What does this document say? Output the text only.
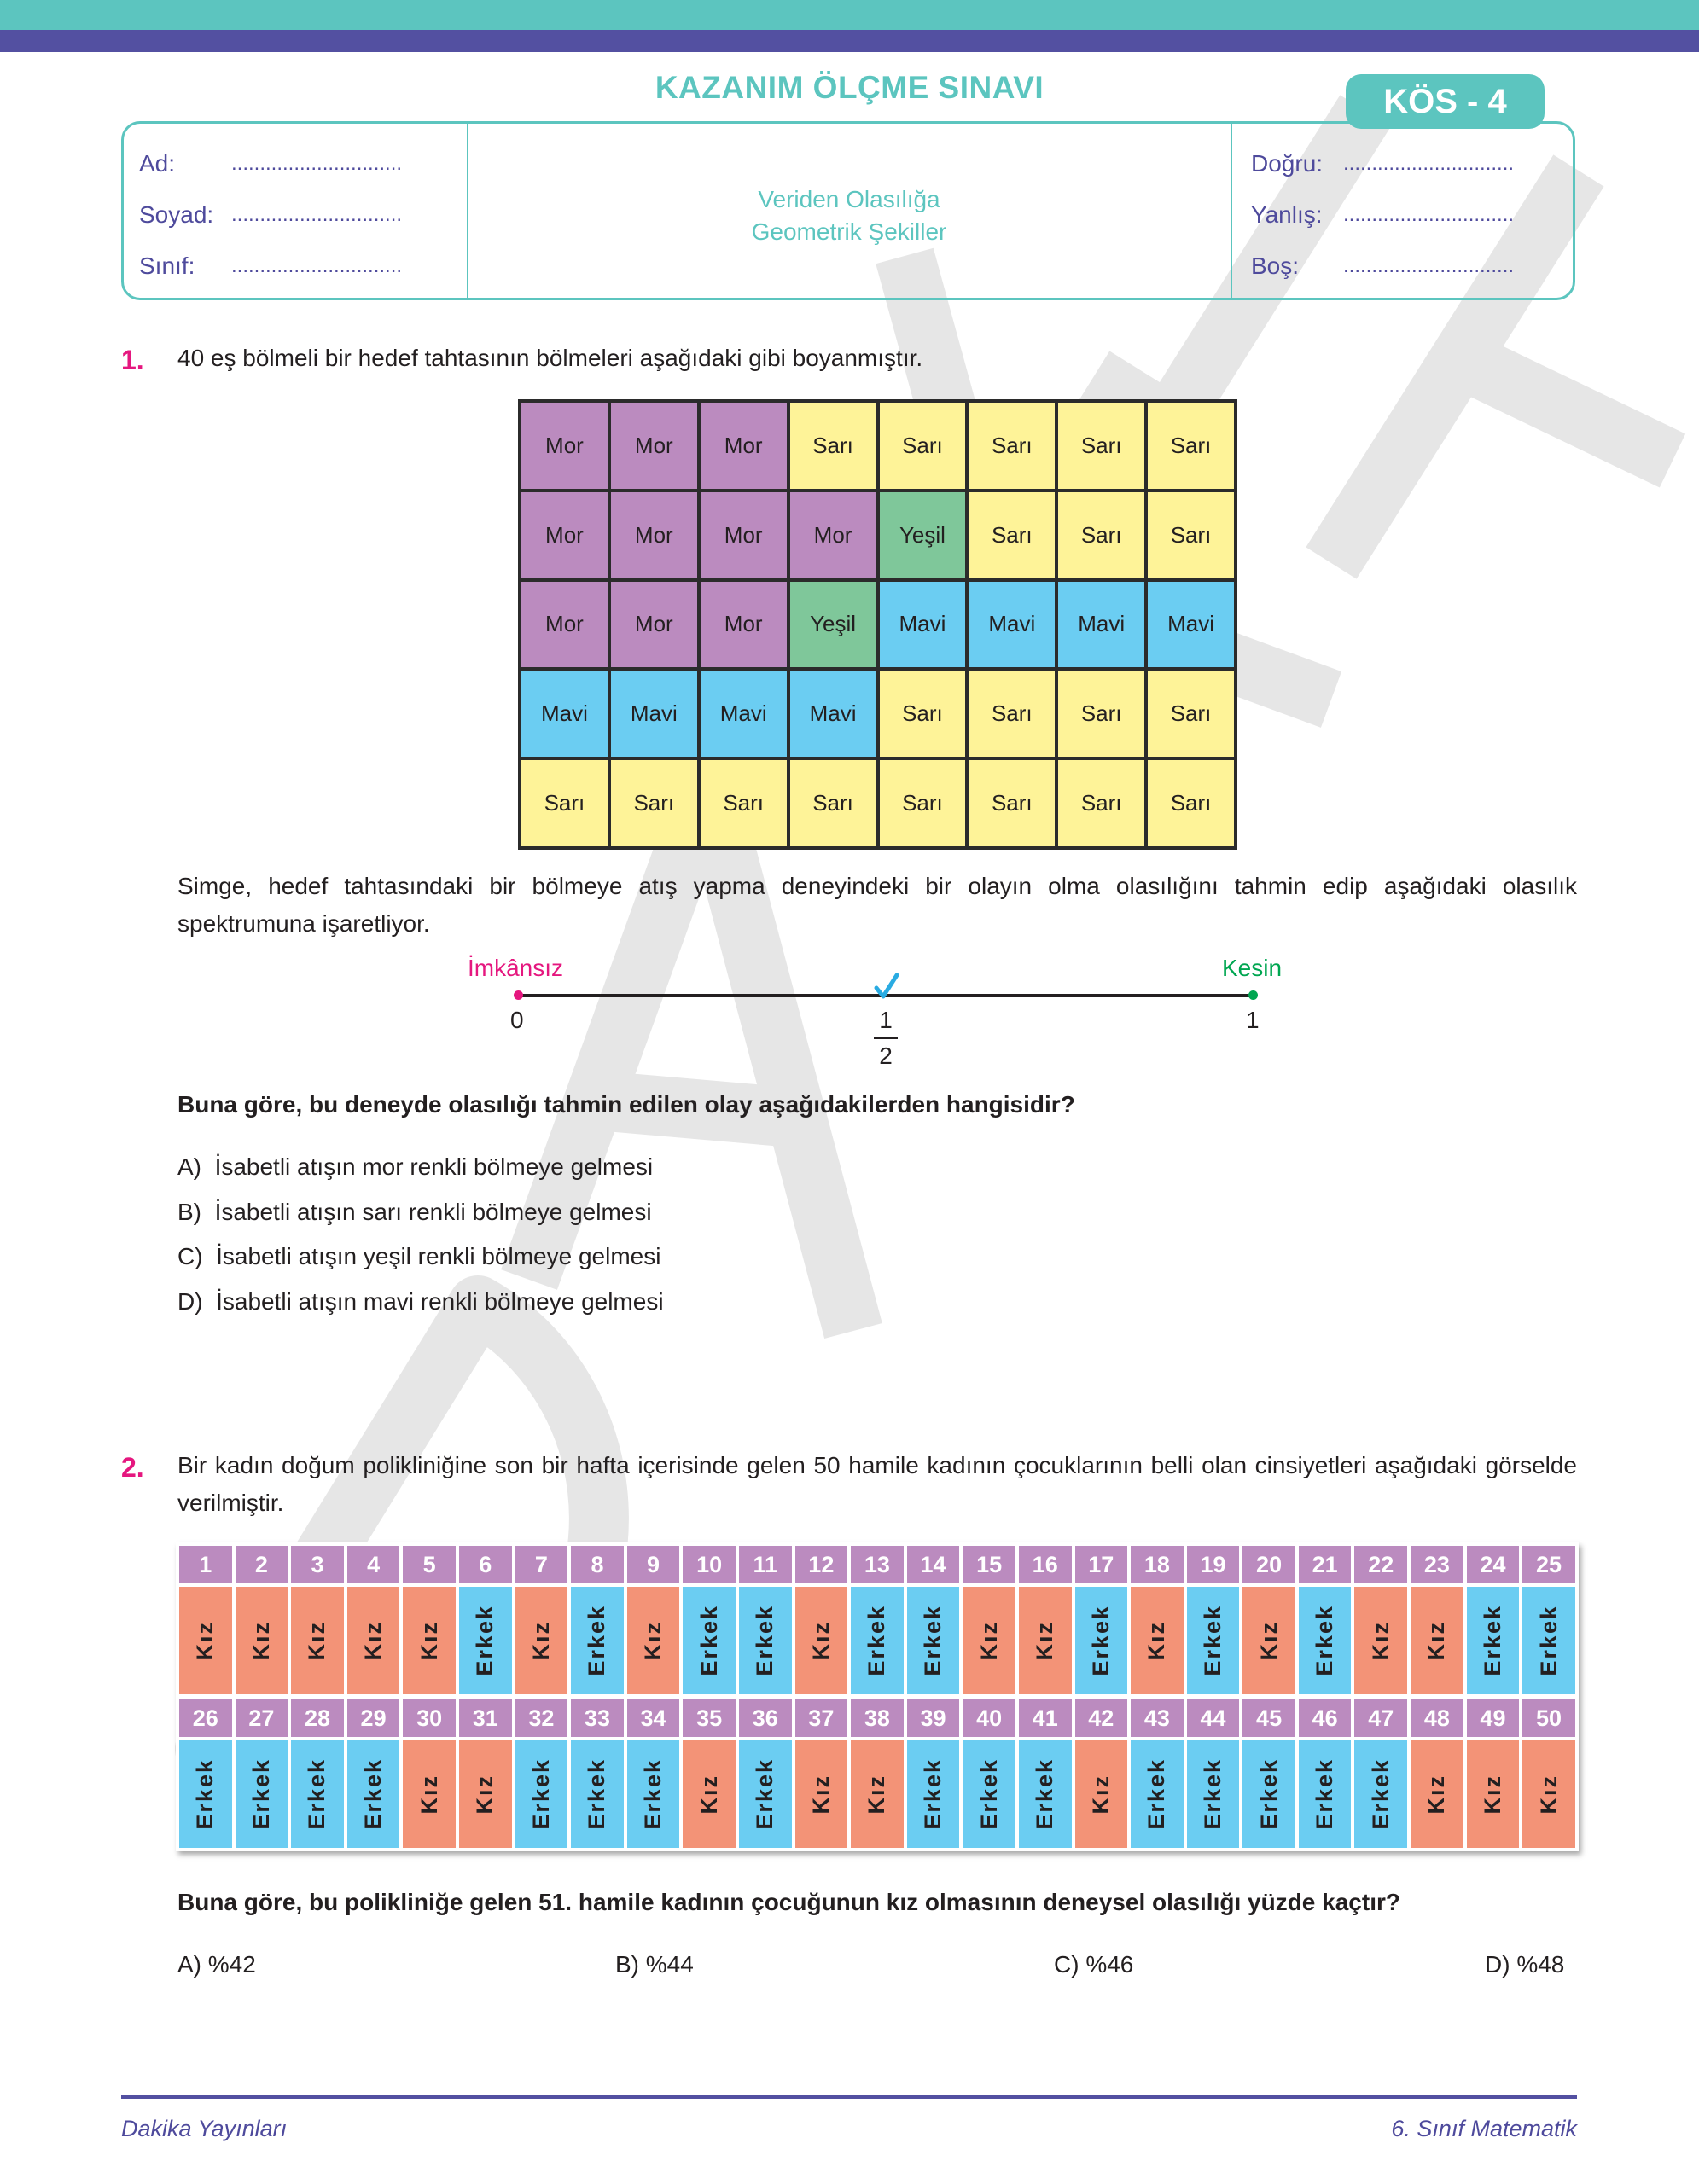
KAZANIM ÖLÇME SINAVI	KÖS - 4
Ad:	..............................
Soyad: ..............................
Sınıf: ..............................
Veriden Olasılığa
Geometrik Şekiller
Doğru: ..............................
Yanlış: ..............................
Boş: ..............................
1. 40 eş bölmeli bir hedef tahtasının bölmeleri aşağıdaki gibi boyanmıştır.
Mor	Mor	Mor	Sarı	Sarı	Sarı	Sarı	Sarı
Mor	Mor	Mor	Mor	Yeşil	Sarı	Sarı	Sarı
Mor	Mor	Mor	Yeşil	Mavi	Mavi	Mavi	Mavi
Mavi	Mavi	Mavi	Mavi	Sarı	Sarı	Sarı	Sarı
Sarı	Sarı	Sarı	Sarı	Sarı	Sarı	Sarı	Sarı
Simge, hedef tahtasındaki bir bölmeye atış yapma deneyindeki bir olayın olma olasılığını tahmin edip aşağıdaki olasılık spektrumuna işaretliyor.
İmkânsız	Kesin
0	1
1
2
Buna göre, bu deneyde olasılığı tahmin edilen olay aşağıdakilerden hangisidir?
A) İsabetli atışın mor renkli bölmeye gelmesi
B) İsabetli atışın sarı renkli bölmeye gelmesi
C) İsabetli atışın yeşil renkli bölmeye gelmesi
D) İsabetli atışın mavi renkli bölmeye gelmesi
2. Bir kadın doğum polikliniğine son bir hafta içerisinde gelen 50 hamile kadının çocuklarının belli olan cinsiyetleri aşağıdaki görselde verilmiştir.
1	2	3	4	5	6	7	8	9	10	11	12	13	14	15	16	17	18	19	20	21	22	23	24	25
Kız Kız Kız Kız Kız Erkek Kız Erkek Kız Erkek Erkek Kız Erkek Erkek Kız Kız Erkek Kız Erkek Kız Erkek Kız Kız Erkek Erkek
26	27	28	29	30	31	32	33	34	35	36	37	38	39	40	41	42	43	44	45	46	47	48	49	50
Erkek Erkek Erkek Erkek Kız Kız Erkek Erkek Erkek Kız Erkek Kız Kız Erkek Erkek Erkek Kız Erkek Erkek Erkek Erkek Erkek Kız Kız Kız
Buna göre, bu polikliniğe gelen 51. hamile kadının çocuğunun kız olmasının deneysel olasılığı yüzde kaçtır?
A) %42	B) %44	C) %46	D) %48
Dakika Yayınları	6. Sınıf Matematik
